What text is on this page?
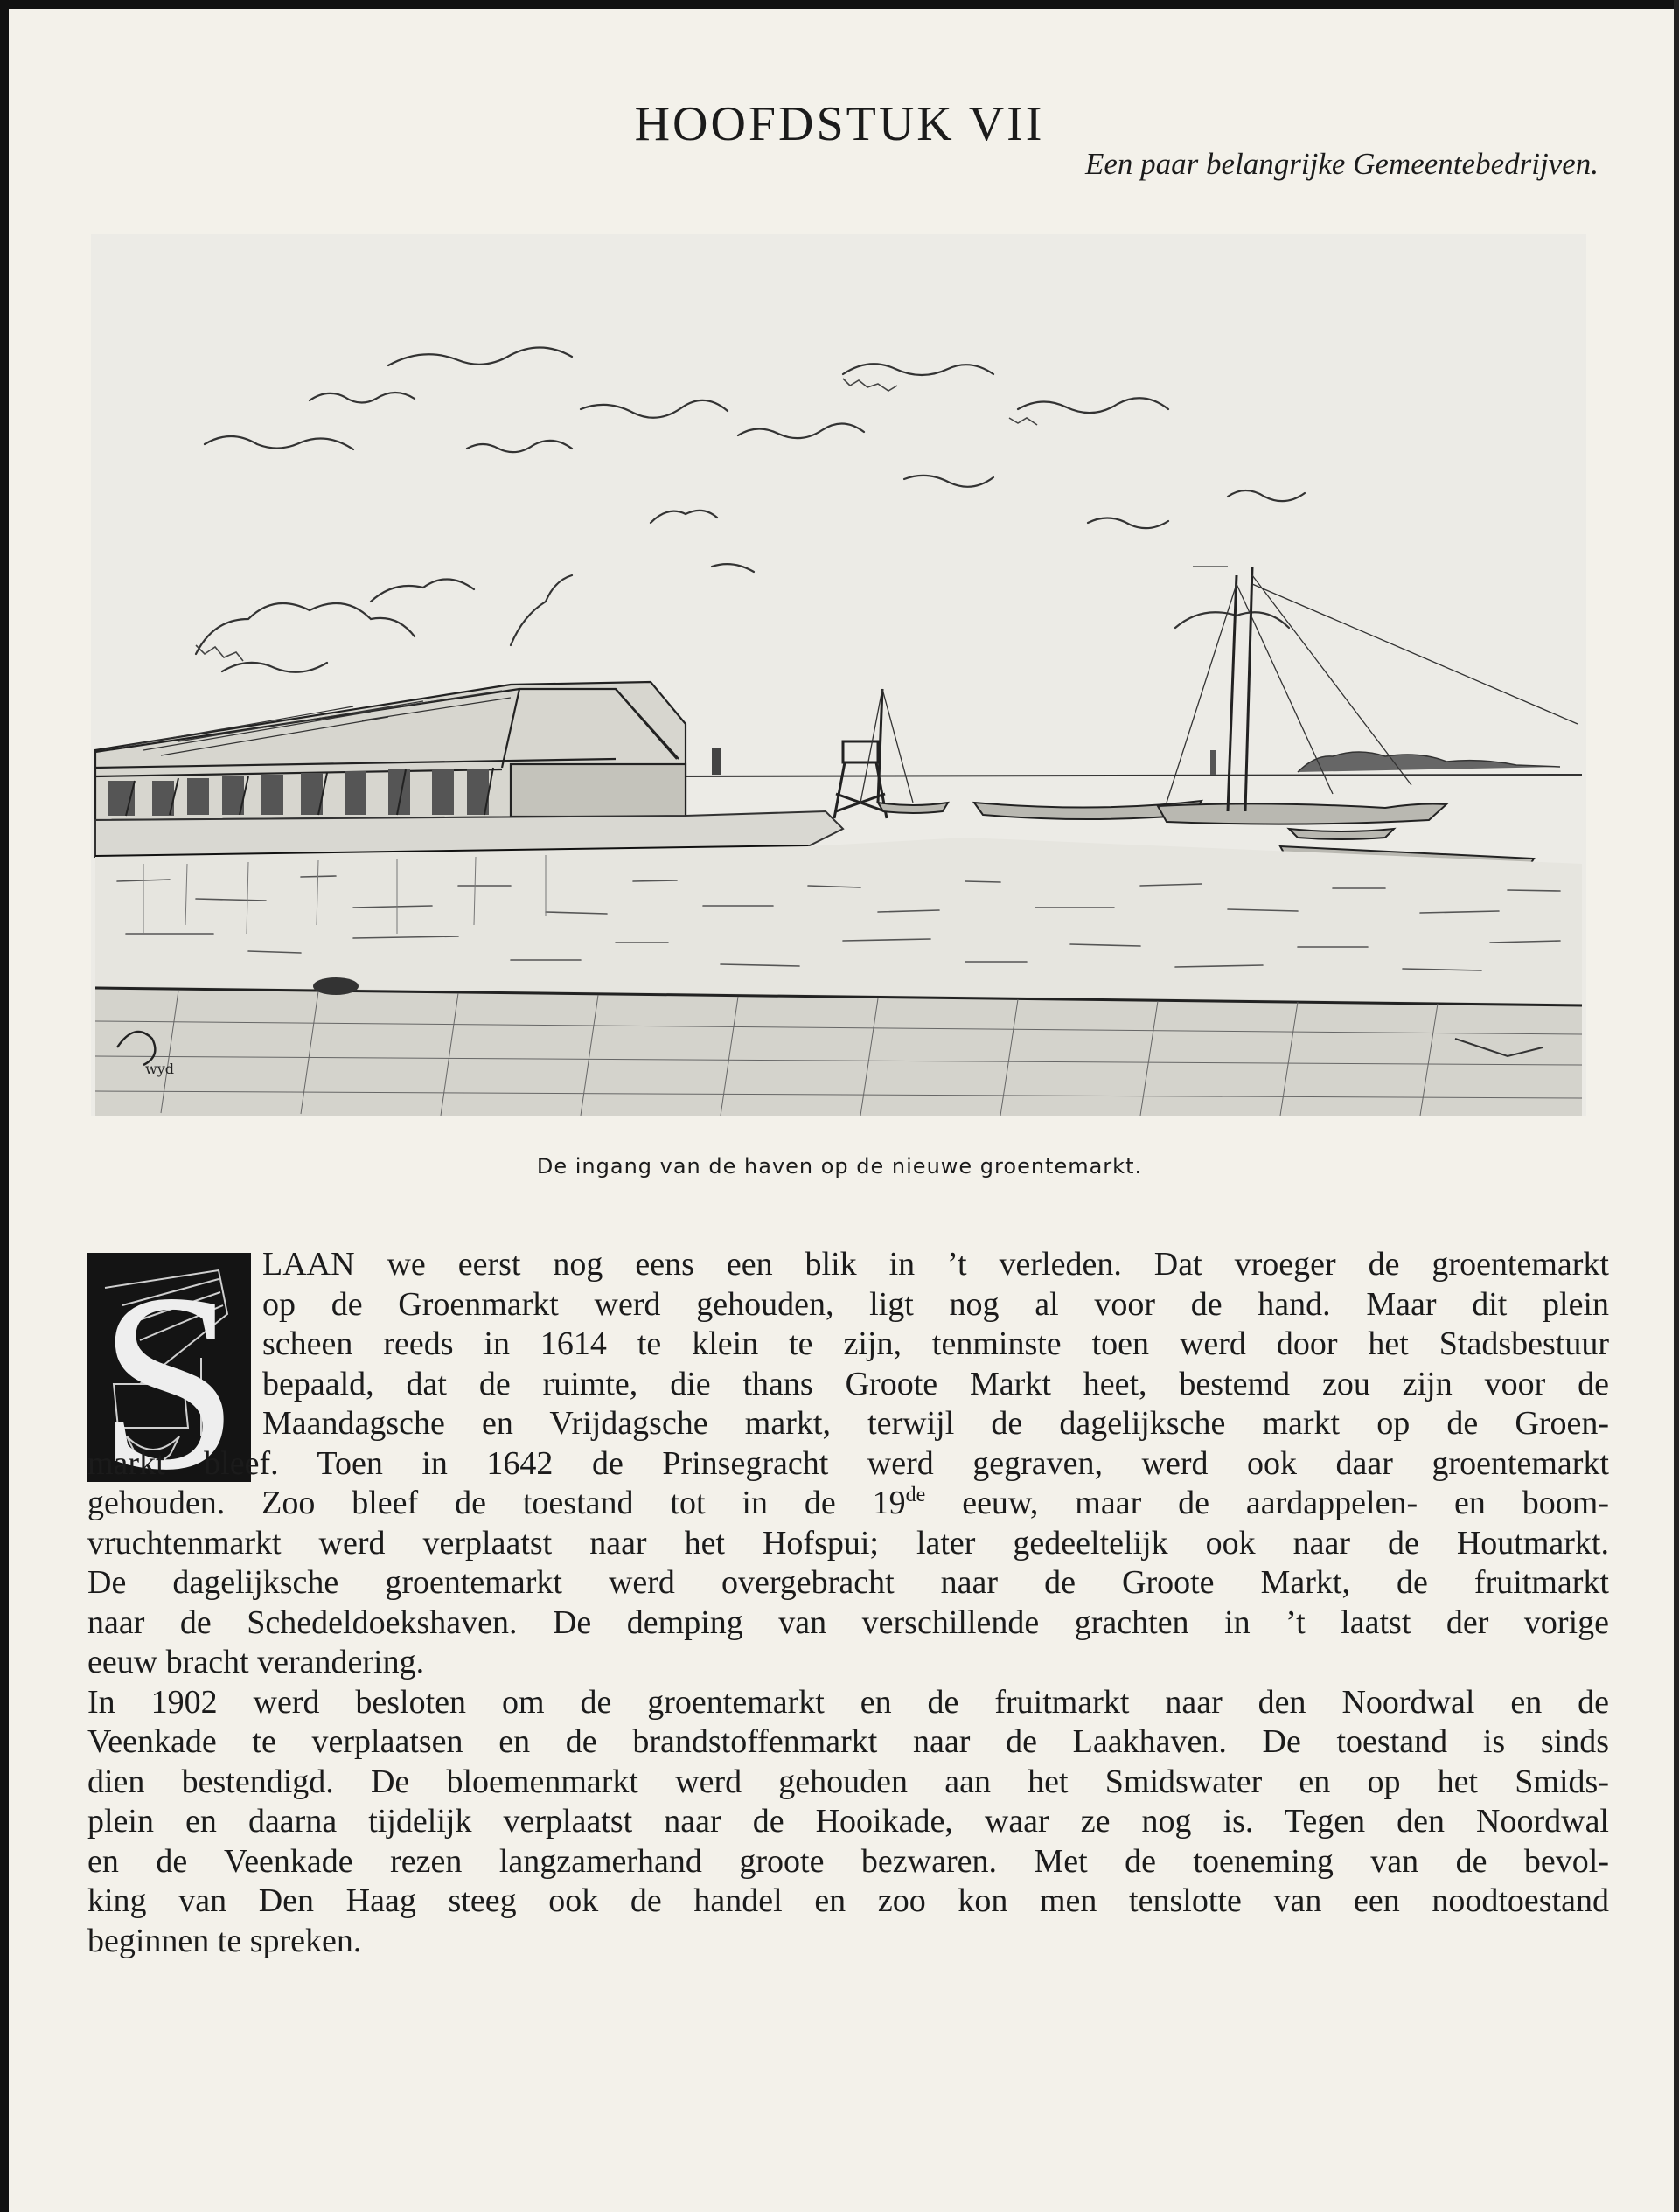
HOOFDSTUK VII
Een paar belangrijke Gemeentebedrijven.
wyd
De ingang van de haven op de nieuwe groentemarkt.
S LAAN we eerst nog eens een blik in ’t verleden. Dat vroeger de groentemarkt
op de Groenmarkt werd gehouden, ligt nog al voor de hand. Maar dit plein
scheen reeds in 1614 te klein te zijn, tenminste toen werd door het Stadsbestuur
bepaald, dat de ruimte, die thans Groote Markt heet, bestemd zou zijn voor de
Maandagsche en Vrijdagsche markt, terwijl de dagelijksche markt op de Groen-
markt bleef. Toen in 1642 de Prinsegracht werd gegraven, werd ook daar groentemarkt
gehouden. Zoo bleef de toestand tot in de 19de eeuw, maar de aardappelen- en boom-
vruchtenmarkt werd verplaatst naar het Hofspui; later gedeeltelijk ook naar de Houtmarkt.
De dagelijksche groentemarkt werd overgebracht naar de Groote Markt, de fruitmarkt
naar de Schedeldoekshaven. De demping van verschillende grachten in ’t laatst der vorige
eeuw bracht verandering.
In 1902 werd besloten om de groentemarkt en de fruitmarkt naar den Noordwal en de
Veenkade te verplaatsen en de brandstoffenmarkt naar de Laakhaven. De toestand is sinds
dien bestendigd. De bloemenmarkt werd gehouden aan het Smidswater en op het Smids-
plein en daarna tijdelijk verplaatst naar de Hooikade, waar ze nog is. Tegen den Noordwal
en de Veenkade rezen langzamerhand groote bezwaren. Met de toeneming van de bevol-
king van Den Haag steeg ook de handel en zoo kon men tenslotte van een noodtoestand
beginnen te spreken.
